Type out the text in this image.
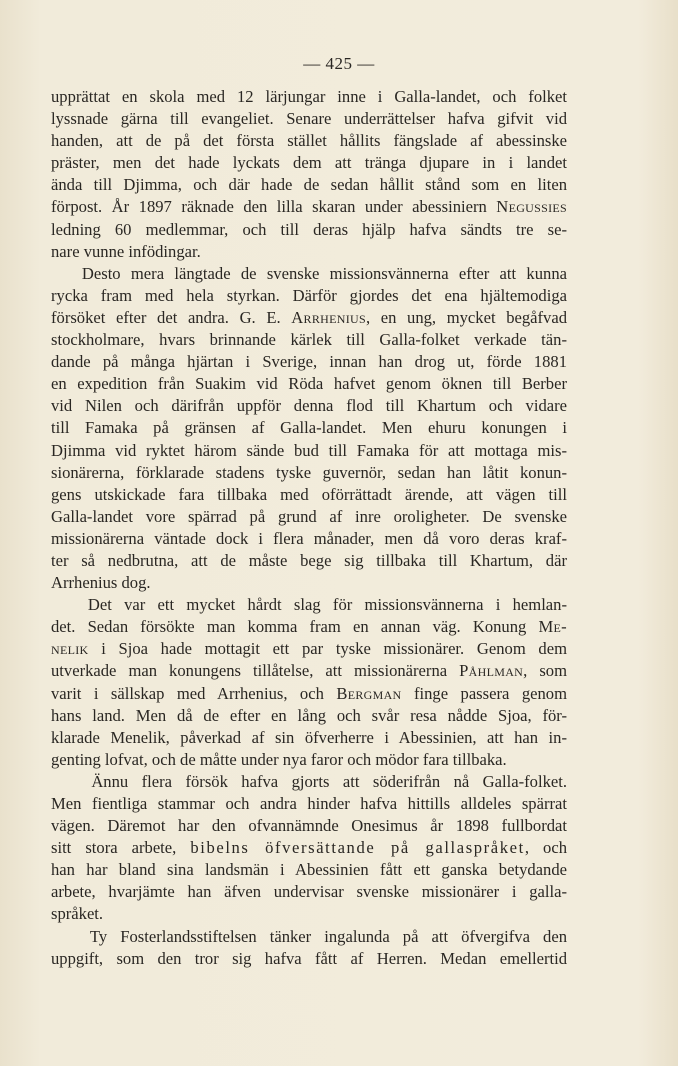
— 425 —
upprättat en skola med 12 lärjungar inne i Galla-landet, och folket
lyssnade gärna till evangeliet. Senare underrättelser hafva gifvit vid
handen, att de på det första stället hållits fängslade af abessinske
präster, men det hade lyckats dem att tränga djupare in i landet
ända till Djimma, och där hade de sedan hållit stånd som en liten
förpost. År 1897 räknade den lilla skaran under abessiniern Negussies
ledning 60 medlemmar, och till deras hjälp hafva sändts tre se-
nare vunne infödingar.
Desto mera längtade de svenske missionsvännerna efter att kunna
rycka fram med hela styrkan. Därför gjordes det ena hjältemodiga
försöket efter det andra. G. E. Arrhenius, en ung, mycket begåfvad
stockholmare, hvars brinnande kärlek till Galla-folket verkade tän-
dande på många hjärtan i Sverige, innan han drog ut, förde 1881
en expedition från Suakim vid Röda hafvet genom öknen till Berber
vid Nilen och därifrån uppför denna flod till Khartum och vidare
till Famaka på gränsen af Galla-landet. Men ehuru konungen i
Djimma vid ryktet härom sände bud till Famaka för att mottaga mis-
sionärerna, förklarade stadens tyske guvernör, sedan han låtit konun-
gens utskickade fara tillbaka med oförrättadt ärende, att vägen till
Galla-landet vore spärrad på grund af inre oroligheter. De svenske
missionärerna väntade dock i flera månader, men då voro deras kraf-
ter så nedbrutna, att de måste bege sig tillbaka till Khartum, där
Arrhenius dog.
Det var ett mycket hårdt slag för missionsvännerna i hemlan-
det. Sedan försökte man komma fram en annan väg. Konung Me-
nelik i Sjoa hade mottagit ett par tyske missionärer. Genom dem
utverkade man konungens tillåtelse, att missionärerna Påhlman, som
varit i sällskap med Arrhenius, och Bergman finge passera genom
hans land. Men då de efter en lång och svår resa nådde Sjoa, för-
klarade Menelik, påverkad af sin öfverherre i Abessinien, att han in-
genting lofvat, och de måtte under nya faror och mödor fara tillbaka.
Ännu flera försök hafva gjorts att söderifrån nå Galla-folket.
Men fientliga stammar och andra hinder hafva hittills alldeles spärrat
vägen. Däremot har den ofvannämnde Onesimus år 1898 fullbordat
sitt stora arbete, bibelns öfversättande på gallaspråket, och
han har bland sina landsmän i Abessinien fått ett ganska betydande
arbete, hvarjämte han äfven undervisar svenske missionärer i galla-
språket.
Ty Fosterlandsstiftelsen tänker ingalunda på att öfvergifva den
uppgift, som den tror sig hafva fått af Herren. Medan emellertid
